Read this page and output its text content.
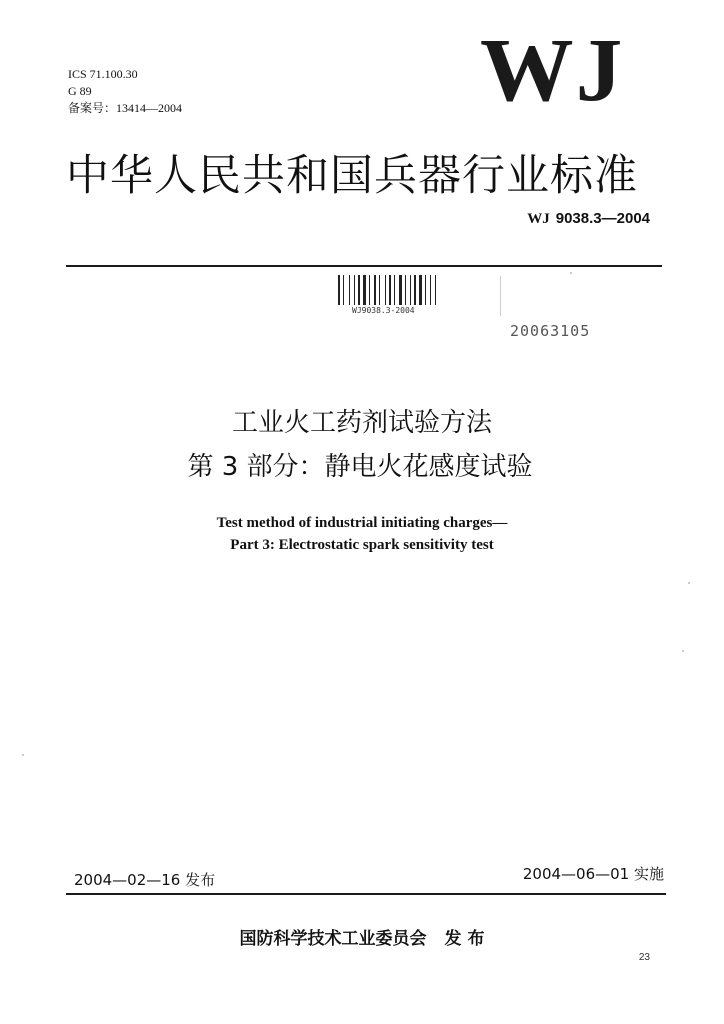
ICS 71.100.30
G 89
备案号：13414—2004	WJ
中华人民共和国兵器行业标准
WJ 9038.3—2004
WJ9038.3-2004
20063105
工业火工药剂试验方法
第 3 部分：静电火花感度试验
Test method of industrial initiating charges—
Part 3: Electrostatic spark sensitivity test
2004—02—16 发布	2004—06—01 实施
国防科学技术工业委员会 发 布
23
